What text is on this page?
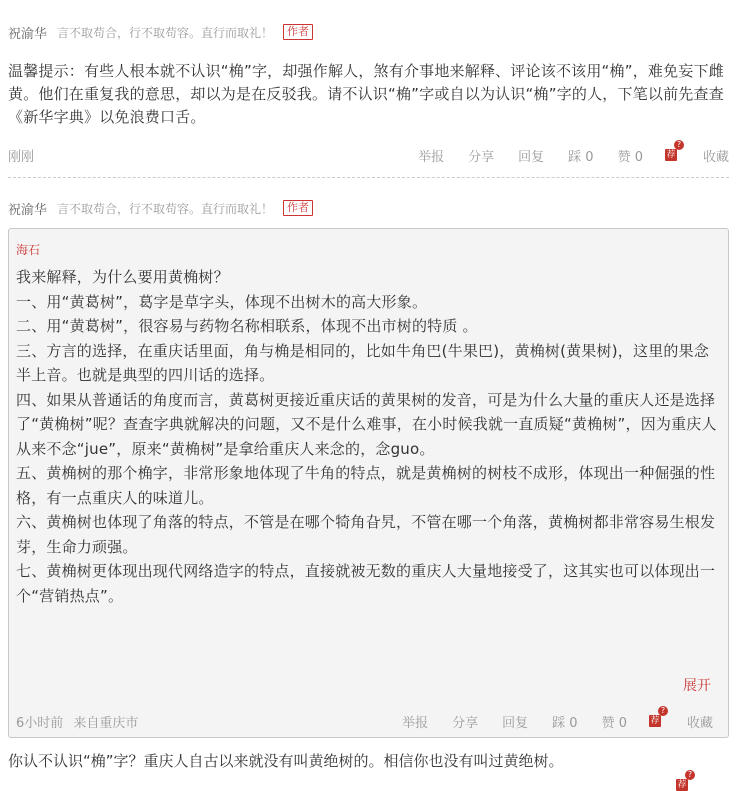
祝渝华 言不取苟合，行不取苟容。直行而取礼！	作者
温馨提示：有些人根本就不认识“桷”字，却强作解人，煞有介事地来解释、评论该不该用“桷”，难免妄下雌黄。他们在重复我的意思，却以为是在反驳我。请不认识“桷”字或自以为认识“桷”字的人，下笔以前先查查《新华字典》以免浪费口舌。
刚刚	举报 分享 回复 踩 0 赞 0	荐
?
收藏
祝渝华 言不取苟合，行不取苟容。直行而取礼！	作者
海石

我来解释，为什么要用黄桷树？

一、用“黄葛树”，葛字是草字头，体现不出树木的高大形象。

二、用“黄葛树”，很容易与药物名称相联系，体现不出市树的特质 。

三、方言的选择，在重庆话里面，角与桷是相同的，比如牛角巴(牛果巴)，黄桷树(黄果树)，这里的果念半上音。也就是典型的四川话的选择。

四、如果从普通话的角度而言，黄葛树更接近重庆话的黄果树的发音，可是为什么大量的重庆人还是选择了“黄桷树”呢？查查字典就解决的问题，又不是什么难事，在小时候我就一直质疑“黄桷树”，因为重庆人从来不念“jue”，原来“黄桷树”是拿给重庆人来念的，念guo。

五、黄桷树的那个桷字，非常形象地体现了牛角的特点，就是黄桷树的树枝不成形，体现出一种倔强的性格，有一点重庆人的味道儿。

六、黄桷树也体现了角落的特点，不管是在哪个犄角旮旯，不管在哪一个角落，黄桷树都非常容易生根发芽，生命力顽强。

七、黄桷树更体现出现代网络造字的特点，直接就被无数的重庆人大量地接受了，这其实也可以体现出一个“营销热点”。

展开
6小时前 来自重庆市	举报 分享 回复 踩 0 赞 0	荐
?
收藏
你认不认识“桷”字？重庆人自古以来就没有叫黄绝树的。相信你也没有叫过黄绝树。
荐
?
